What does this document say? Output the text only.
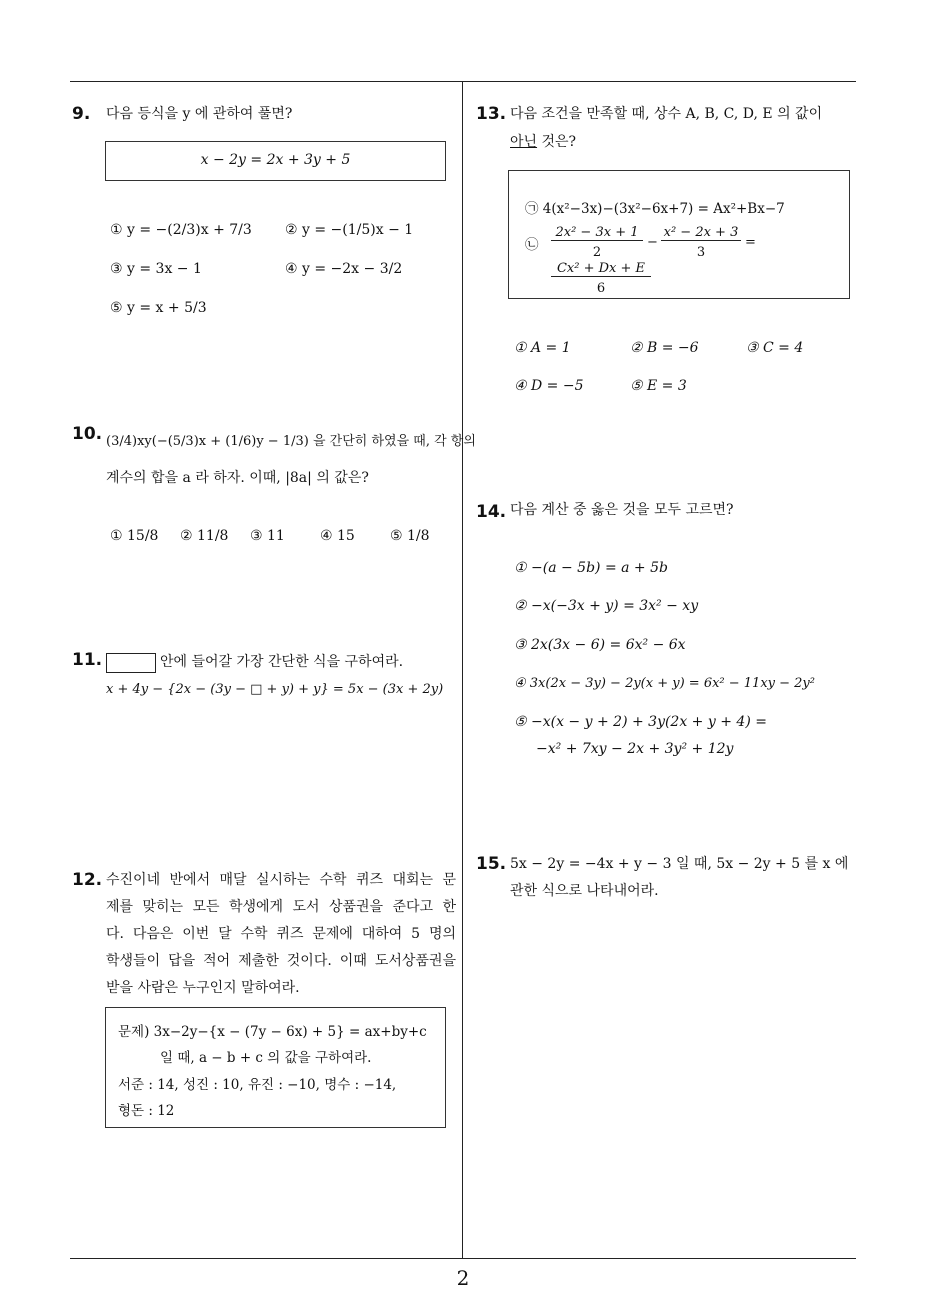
2
9. 다음 등식을 y 에 관하여 풀면?
x − 2y = 2x + 3y + 5
① y = −(2/3)x + 7/3 ② y = −(1/5)x − 1
③ y = 3x − 1	④ y = −2x − 3/2
⑤ y = x + 5/3
10. (3/4)xy(−(5/3)x + (1/6)y − 1/3) 을 간단히 하였을 때, 각 항의
계수의 합을 a 라 하자. 이때, |8a| 의 값은?
① 15/8 ② 11/8 ③ 11	④ 15	⑤ 1/8
11.	안에 들어갈 가장 간단한 식을 구하여라.
x + 4y − {2x − (3y − □ + y) + y} = 5x − (3x + 2y)
12. 수진이네 반에서 매달 실시하는 수학 퀴즈 대회는 문
제를 맞히는 모든 학생에게 도서 상품권을 준다고 한
다. 다음은 이번 달 수학 퀴즈 문제에 대하여 5 명의
학생들이 답을 적어 제출한 것이다. 이때 도서상품권을
받을 사람은 누구인지 말하여라.
문제) 3x−2y−{x − (7y − 6x) + 5} = ax+by+c
일 때, a − b + c 의 값을 구하여라.
서준 : 14, 성진 : 10, 유진 : −10, 명수 : −14,
형돈 : 12
13. 다음 조건을 만족할 때, 상수 A, B, C, D, E 의 값이
아닌 것은?
㉠ 4(x²−3x)−(3x²−6x+7) = Ax²+Bx−7
㉡
2x² − 3x + 1
2
−
x² − 2x + 3
3
=
Cx² + Dx + E
6
① A = 1	② B = −6	③ C = 4
④ D = −5	⑤ E = 3
14. 다음 계산 중 옳은 것을 모두 고르면?
① −(a − 5b) = a + 5b
② −x(−3x + y) = 3x² − xy
③ 2x(3x − 6) = 6x² − 6x
④ 3x(2x − 3y) − 2y(x + y) = 6x² − 11xy − 2y²
⑤ −x(x − y + 2) + 3y(2x + y + 4) =
−x² + 7xy − 2x + 3y² + 12y
15. 5x − 2y = −4x + y − 3 일 때, 5x − 2y + 5 를 x 에
관한 식으로 나타내어라.
